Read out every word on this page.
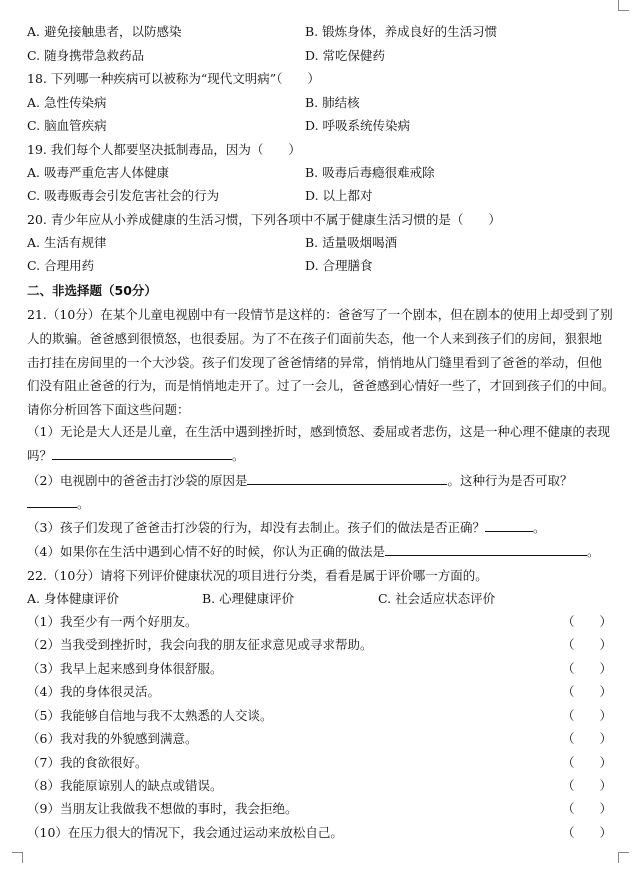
A. 避免接触患者，以防感染	B. 锻炼身体，养成良好的生活习惯
C. 随身携带急救药品	D. 常吃保健药
18. 下列哪一种疾病可以被称为“现代文明病”（　　）
A. 急性传染病	B. 肺结核
C. 脑血管疾病	D. 呼吸系统传染病
19. 我们每个人都要坚决抵制毒品，因为（　　）
A. 吸毒严重危害人体健康	B. 吸毒后毒瘾很难戒除
C. 吸毒贩毒会引发危害社会的行为	D. 以上都对
20. 青少年应从小养成健康的生活习惯，下列各项中不属于健康生活习惯的是（　　）
A. 生活有规律	B. 适量吸烟喝酒
C. 合理用药	D. 合理膳食
二、非选择题（50分）
21.（10分）在某个儿童电视剧中有一段情节是这样的：爸爸写了一个剧本，但在剧本的使用上却受到了别
人的欺骗。爸爸感到很愤怒，也很委屈。为了不在孩子们面前失态，他一个人来到孩子们的房间，狠狠地
击打挂在房间里的一个大沙袋。孩子们发现了爸爸情绪的异常，悄悄地从门缝里看到了爸爸的举动，但他
们没有阻止爸爸的行为，而是悄悄地走开了。过了一会儿，爸爸感到心情好一些了，才回到孩子们的中间。
请你分析回答下面这些问题：
（1）无论是大人还是儿童，在生活中遇到挫折时，感到愤怒、委屈或者悲伤，这是一种心理不健康的表现
吗？	。
（2）电视剧中的爸爸击打沙袋的原因是	。这种行为是否可取？
。
（3）孩子们发现了爸爸击打沙袋的行为，却没有去制止。孩子们的做法是否正确？	。
（4）如果你在生活中遇到心情不好的时候，你认为正确的做法是	。
22.（10分）请将下列评价健康状况的项目进行分类，看看是属于评价哪一方面的。
A. 身体健康评价	B. 心理健康评价	C. 社会适应状态评价
（1）我至少有一两个好朋友。	（　　）
（2）当我受到挫折时，我会向我的朋友征求意见或寻求帮助。	（　　）
（3）我早上起来感到身体很舒服。	（　　）
（4）我的身体很灵活。	（　　）
（5）我能够自信地与我不太熟悉的人交谈。	（　　）
（6）我对我的外貌感到满意。	（　　）
（7）我的食欲很好。	（　　）
（8）我能原谅别人的缺点或错误。	（　　）
（9）当朋友让我做我不想做的事时，我会拒绝。	（　　）
（10）在压力很大的情况下，我会通过运动来放松自己。	（　　）
